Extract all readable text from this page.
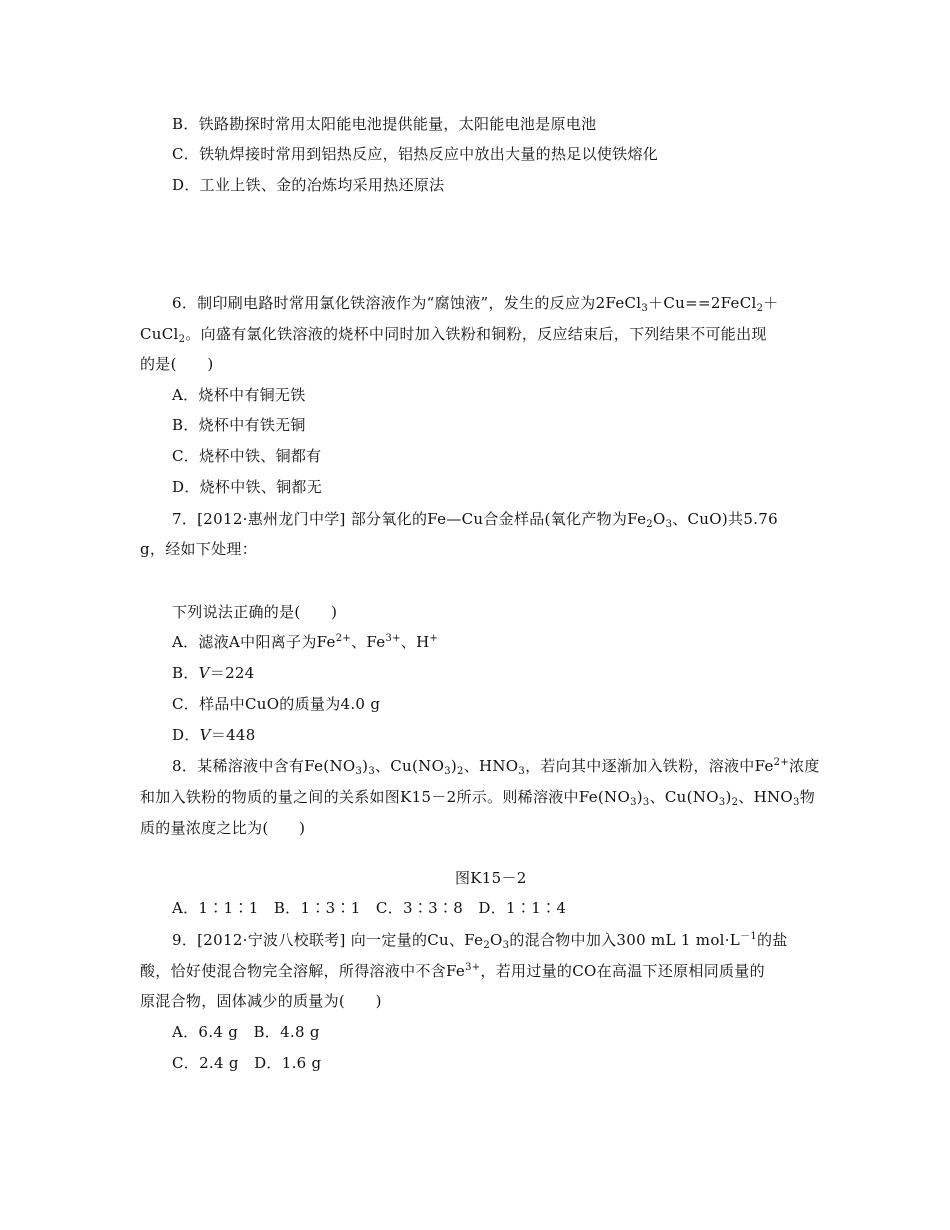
B．铁路勘探时常用太阳能电池提供能量，太阳能电池是原电池
C．铁轨焊接时常用到铝热反应，铝热反应中放出大量的热足以使铁熔化
D．工业上铁、金的冶炼均采用热还原法
6．制印刷电路时常用氯化铁溶液作为“腐蚀液”，发生的反应为2FeCl$_3$＋Cu==2FeCl$_2$＋
CuCl$_2$。向盛有氯化铁溶液的烧杯中同时加入铁粉和铜粉，反应结束后，下列结果不可能出现
的是(　　)
A．烧杯中有铜无铁
B．烧杯中有铁无铜
C．烧杯中铁、铜都有
D．烧杯中铁、铜都无
7．[2012·惠州龙门中学] 部分氧化的Fe—Cu合金样品(氧化产物为$Fe_2O_3$、CuO)共5.76
g，经如下处理：
下列说法正确的是(　　)
A．滤液A中阳离子为$Fe^{2+}$、$Fe^{3+}$、H+
B．V＝224
C．样品中CuO的质量为4.0 g
D．V＝448
8．某稀溶液中含有$Fe(NO_3)_3$、$Cu(NO_3)_2$、$HNO_3$，若向其中逐渐加入铁粉，溶液中$Fe^{2+}$浓度
和加入铁粉的物质的量之间的关系如图K15－2所示。则稀溶液中$Fe(NO_3)_3$、$Cu(NO_3)_2$、$HNO_3$物
质的量浓度之比为(　　)
图K15－2
A．1∶1∶1　B．1∶3∶1　C．3∶3∶8　D．1∶1∶4
9．[2012·宁波八校联考] 向一定量的Cu、$Fe_2O_3$的混合物中加入300 mL 1 $mol\cdot L^{-1}$的盐
酸，恰好使混合物完全溶解，所得溶液中不含$Fe^{3+}$，若用过量的CO在高温下还原相同质量的
原混合物，固体减少的质量为(　　)
A．6.4 g　B．4.8 g
C．2.4 g　D．1.6 g
